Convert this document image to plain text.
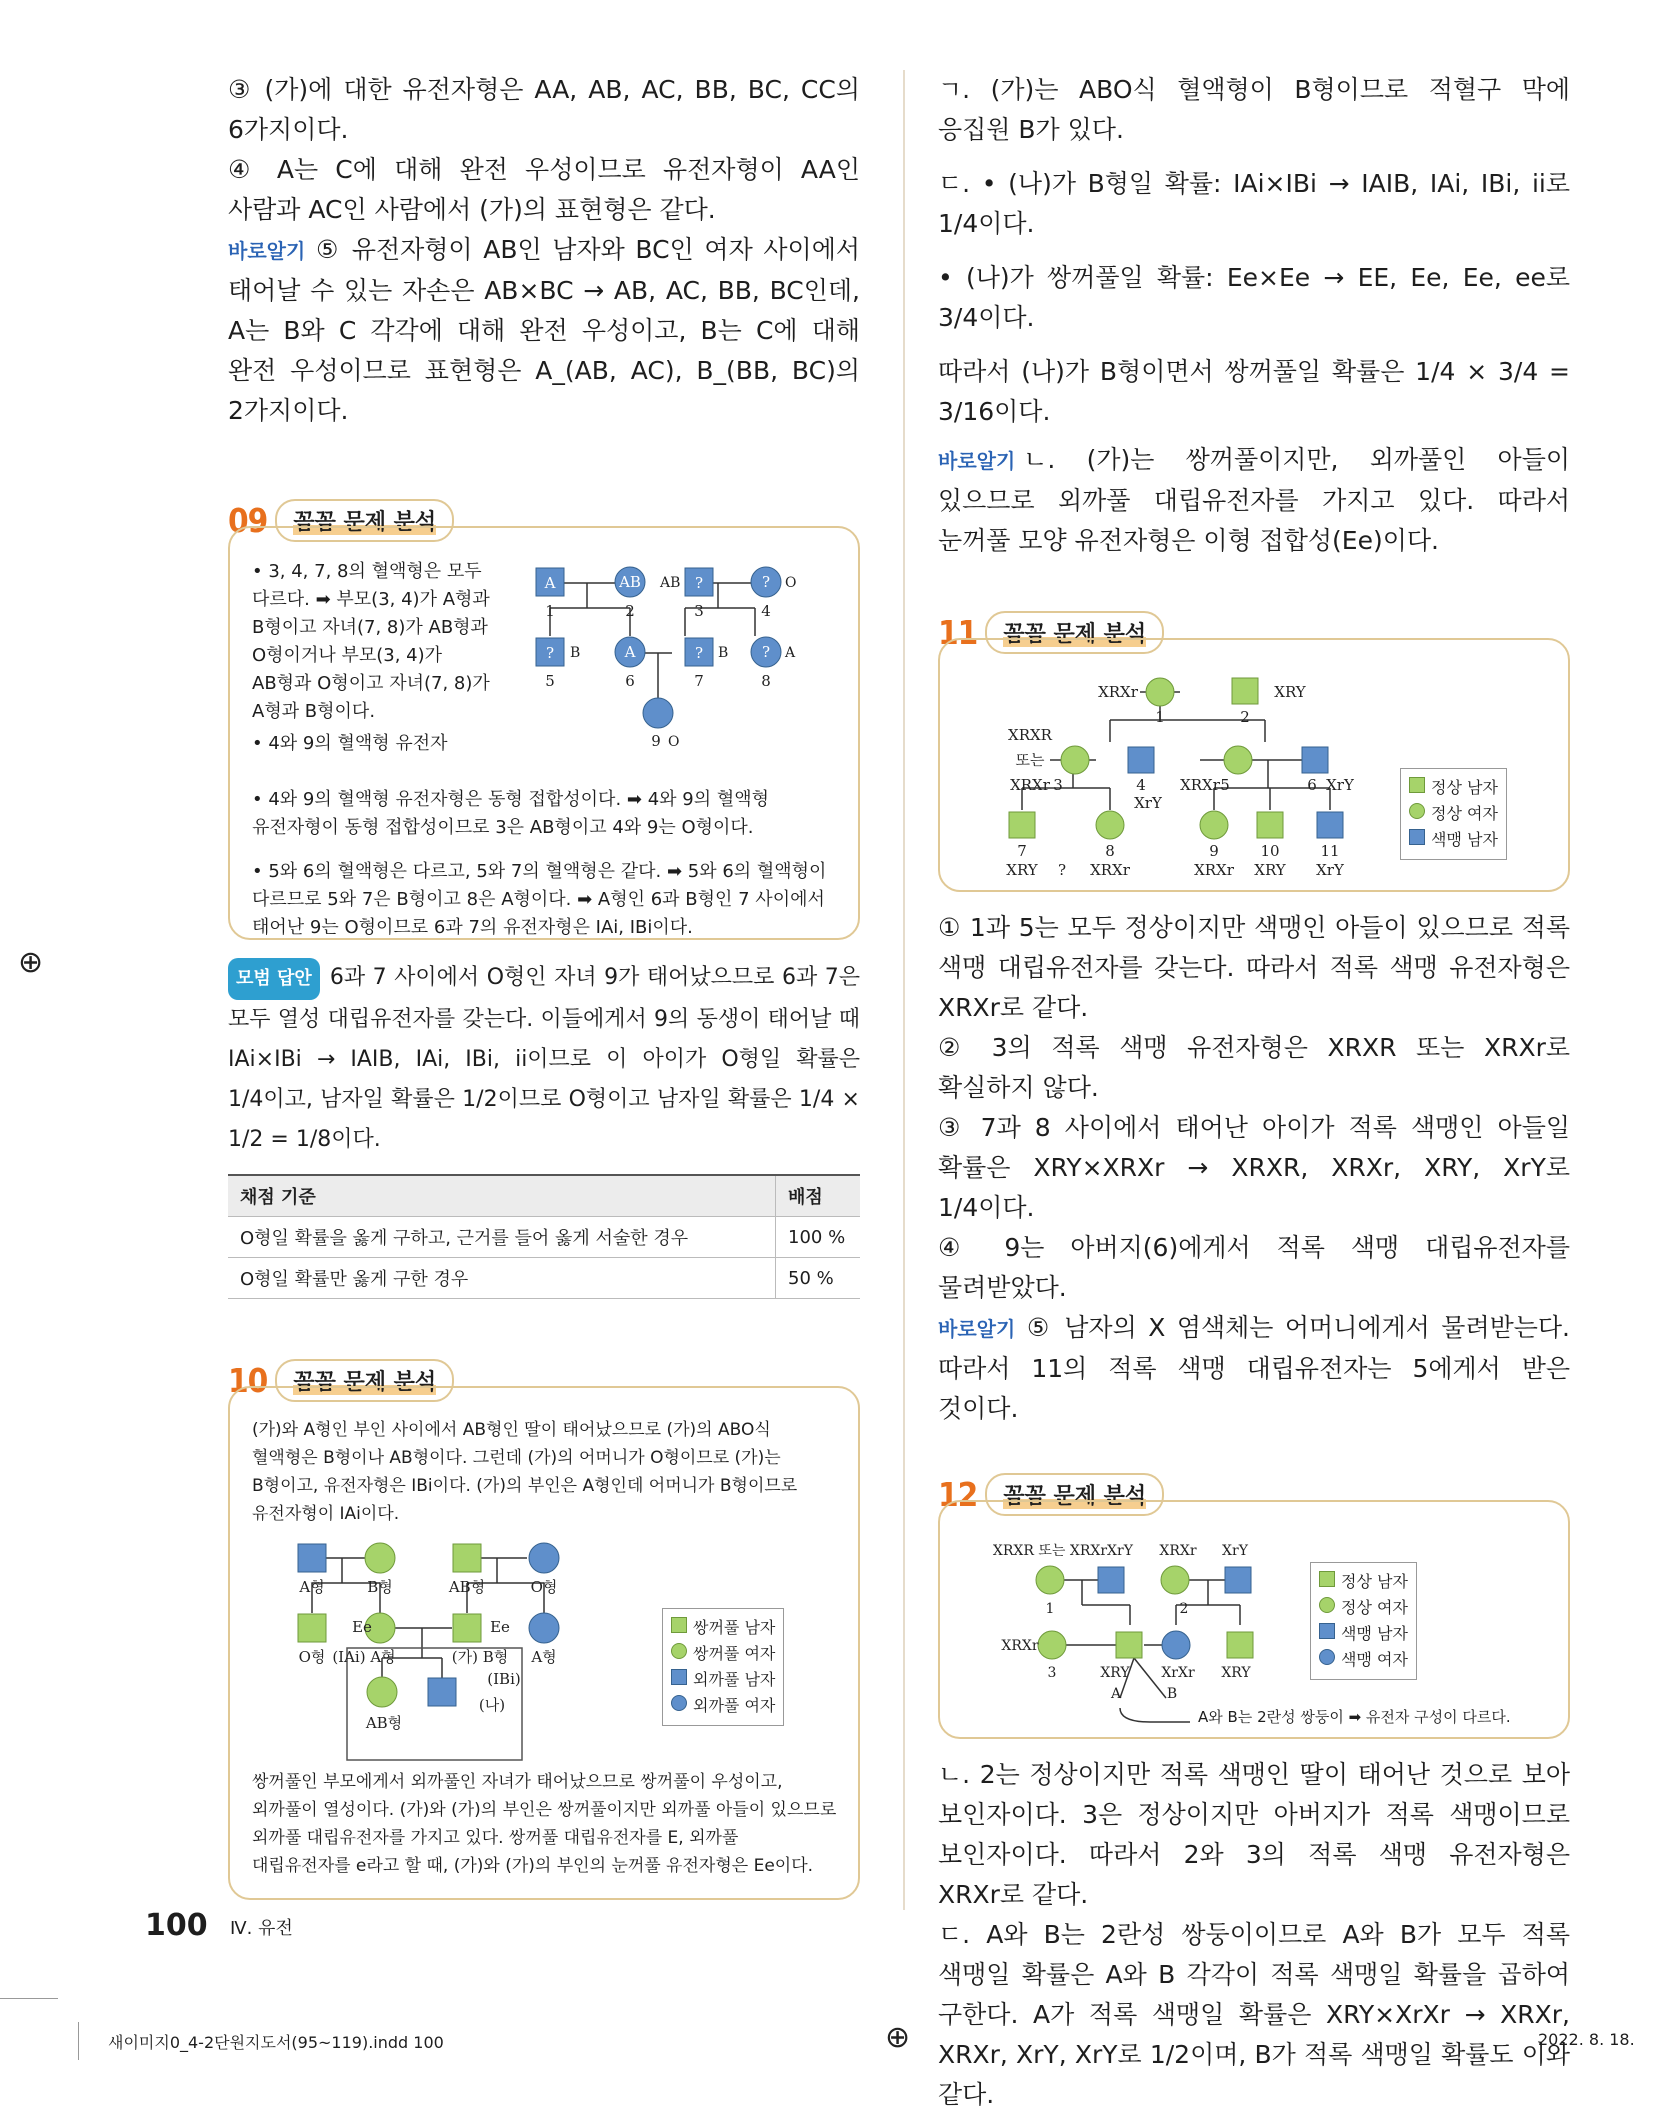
③ (가)에 대한 유전자형은 AA, AB, AC, BB, BC, CC의 6가지이다.

④ A는 C에 대해 완전 우성이므로 유전자형이 AA인 사람과 AC인 사람에서 (가)의 표현형은 같다.

바로알기 ⑤ 유전자형이 AB인 남자와 BC인 여자 사이에서 태어날 수 있는 자손은 AB×BC → AB, AC, BB, BC인데, A는 B와 C 각각에 대해 완전 우성이고, B는 C에 대해 완전 우성이므로 표현형은 A_(AB, AC), B_(BB, BC)의 2가지이다.

09	꼼꼼 문제 분석

• 3, 4, 7, 8의 혈액형은 모두 다르다. ➡ 부모(3, 4)가 A형과 B형이고 자녀(7, 8)가 AB형과 O형이거나 부모(3, 4)가 AB형과 O형이고 자녀(7, 8)가 A형과 B형이다.

• 4와 9의 혈액형 유전자

• 4와 9의 혈액형 유전자형은 동형 접합성이다. ➡ 4와 9의 혈액형 유전자형이 동형 접합성이므로 3은 AB형이고 4와 9는 O형이다.

• 5와 6의 혈액형은 다르고, 5와 7의 혈액형은 같다. ➡ 5와 6의 혈액형이 다르므로 5와 7은 B형이고 8은 A형이다. ➡ A형인 6과 B형인 7 사이에서 태어난 9는 O형이므로 6과 7의 유전자형은 IAi, IBi이다.

A	AB	?	?
?	A	?	?
AB	O
B	B	A
O
1	2	3	4
5	6	7	8
9

모범 답안 6과 7 사이에서 O형인 자녀 9가 태어났으므로 6과 7은 모두 열성 대립유전자를 갖는다. 이들에게서 9의 동생이 태어날 때 IAi×IBi → IAIB, IAi, IBi, ii이므로 이 아이가 O형일 확률은 1/4이고, 남자일 확률은 1/2이므로 O형이고 남자일 확률은 1/4 × 1/2 = 1/8이다.

채점 기준	배점
O형일 확률을 옳게 구하고, 근거를 들어 옳게 서술한 경우	100 %
O형일 확률만 옳게 구한 경우	50 %
10	꼼꼼 문제 분석

(가)와 A형인 부인 사이에서 AB형인 딸이 태어났으므로 (가)의 ABO식 혈액형은 B형이나 AB형이다. 그런데 (가)의 어머니가 O형이므로 (가)는 B형이고, 유전자형은 IBi이다. (가)의 부인은 A형인데 어머니가 B형이므로 유전자형이 IAi이다.

A형	B형	AB형	O형
O형
Ee
(IAi) A형
Ee
(가) B형
(IBi)
A형
AB형
(나)
쌍꺼풀 남자
쌍꺼풀 여자
외까풀 남자
외까풀 여자

쌍꺼풀인 부모에게서 외까풀인 자녀가 태어났으므로 쌍꺼풀이 우성이고, 외까풀이 열성이다. (가)와 (가)의 부인은 쌍꺼풀이지만 외까풀 아들이 있으므로 외까풀 대립유전자를 가지고 있다. 쌍꺼풀 대립유전자를 E, 외까풀 대립유전자를 e라고 할 때, (가)와 (가)의 부인의 눈꺼풀 유전자형은 Ee이다.

ㄱ. (가)는 ABO식 혈액형이 B형이므로 적혈구 막에 응집원 B가 있다.

ㄷ. • (나)가 B형일 확률: IAi×IBi → IAIB, IAi, IBi, ii로 1/4이다.

• (나)가 쌍꺼풀일 확률: Ee×Ee → EE, Ee, Ee, ee로 3/4이다.

따라서 (나)가 B형이면서 쌍꺼풀일 확률은 1/4 × 3/4 = 3/16이다.

바로알기 ㄴ. (가)는 쌍꺼풀이지만, 외까풀인 아들이 있으므로 외까풀 대립유전자를 가지고 있다. 따라서 눈꺼풀 모양 유전자형은 이형 접합성(Ee)이다.

11	꼼꼼 문제 분석
XRXr	XRY
1	2
XRXR
또는
XRXr 3	4
XrY
XRXr 5	6 XrY
7
XRY ?
8
XRXr
9
XRXr
10
XRY
11
XrY
정상 남자
정상 여자
색맹 남자

① 1과 5는 모두 정상이지만 색맹인 아들이 있으므로 적록 색맹 대립유전자를 갖는다. 따라서 적록 색맹 유전자형은 XRXr로 같다.

② 3의 적록 색맹 유전자형은 XRXR 또는 XRXr로 확실하지 않다.

③ 7과 8 사이에서 태어난 아이가 적록 색맹인 아들일 확률은 XRY×XRXr → XRXR, XRXr, XRY, XrY로 1/4이다.

④ 9는 아버지(6)에게서 적록 색맹 대립유전자를 물려받았다.

바로알기 ⑤ 남자의 X 염색체는 어머니에게서 물려받는다. 따라서 11의 적록 색맹 대립유전자는 5에게서 받은 것이다.

12	꼼꼼 문제 분석
XRXR 또는 XRXr XrY XRXr XrY
1	2
XRXr
3	XRY XrXr XRY
A	B
A와 B는 2란성 쌍둥이 ➡ 유전자 구성이 다르다.
정상 남자
정상 여자
색맹 남자
색맹 여자

ㄴ. 2는 정상이지만 적록 색맹인 딸이 태어난 것으로 보아 보인자이다. 3은 정상이지만 아버지가 적록 색맹이므로 보인자이다. 따라서 2와 3의 적록 색맹 유전자형은 XRXr로 같다.

ㄷ. A와 B는 2란성 쌍둥이이므로 A와 B가 모두 적록 색맹일 확률은 A와 B 각각이 적록 색맹일 확률을 곱하여 구한다. A가 적록 색맹일 확률은 XRY×XrXr → XRXr, XRXr, XrY, XrY로 1/2이며, B가 적록 색맹일 확률도 이와 같다.

100 Ⅳ. 유전
⊕
⊕
새이미지0_4-2단원지도서(95~119).indd 100	2022. 8. 18.
